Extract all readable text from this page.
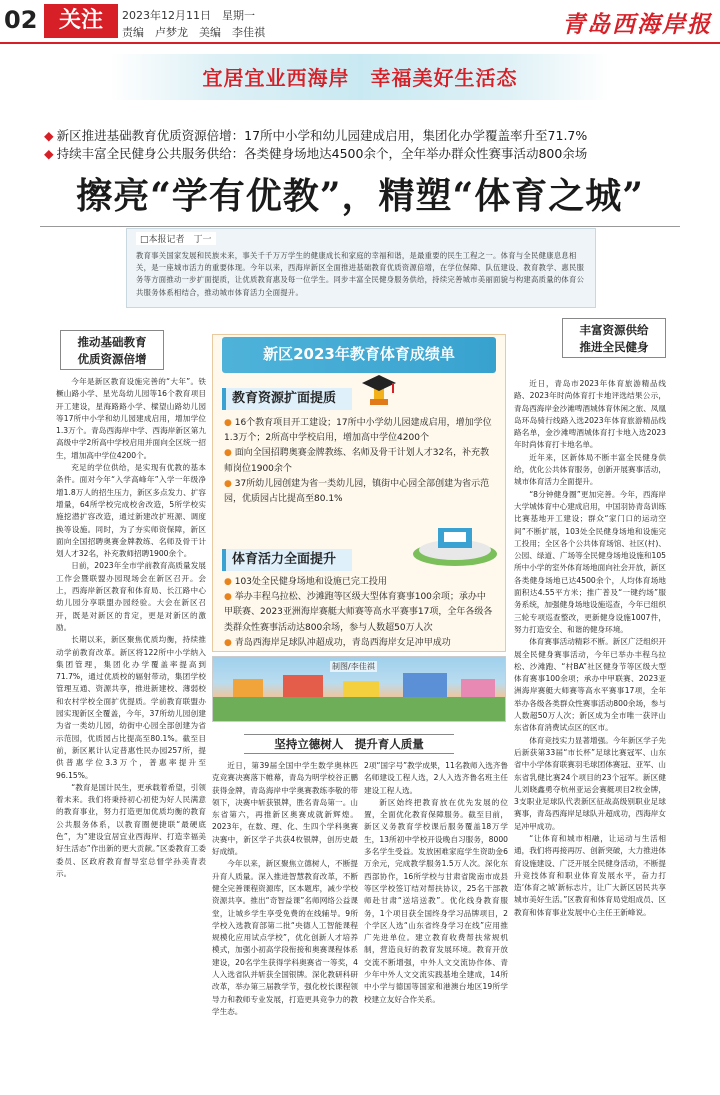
02 关注	2023年12月11日　星期一
责编　卢梦龙　美编　李佳祺	青岛西海岸报
宜居宜业西海岸　幸福美好生活态
◆ 新区推进基础教育优质资源倍增：17所中小学和幼儿园建成启用，集团化办学覆盖率升至71.7%
◆ 持续丰富全民健身公共服务供给：各类健身场地达4500余个，全年举办群众性赛事活动800余场
擦亮“学有优教”，精塑“体育之城”
□本报记者　丁一
教育事关国家发展和民族未来，事关千千万万学生的健康成长和家庭的幸福和谐，是最重要的民生工程之一。体育与全民健康息息相关，是一座城市活力的重要体现。今年以来，西海岸新区全面推进基础教育优质资源倍增，在学位保障、队伍建设、教育教学、惠民服务等方面推动一步扩面提质，让优质教育惠及每一位学生。同步丰富全民健身服务供给，持续完善城市美丽面貌与构建高质量的体育公共服务体系相结合，推动城市体育活力全面提升。
推动基础教育
优质资源倍增

今年是新区教育设施完善的“大年”。铁橛山路小学、星光岛幼儿园等16个教育项目开工建设，星海路路小学、樑望山路幼儿园等17所中小学和幼儿园建成启用，增加学位1.3万个。青岛西海岸中学、西海岸新区第九高级中学2所高中学校启用并面向全区统一招生，增加高中学位4200个。

充足的学位供给，是实现有优教的基本条件。面对今年“入学高峰年”入学一年级净增1.8万人的招生压力，新区多点发力、扩容增量，64所学校完成校舍改造，5所学校实施挖潜扩容改造，通过新建改扩班源、调度换等设施。同时，为了夯实师资保障，新区面向全国招聘奥赛金牌教练、名师及骨干计划人才32名，补充教师招聘1900余个。

日前，2023年全市学前教育高质量发展工作会暨联盟办园现场会在新区召开。会上，西海岸新区教育和体育局、长江路中心幼儿园分享联盟办园经验。大会在新区召开，既是对新区的肯定，更是对新区的激励。

长期以来，新区聚焦优质均衡，持续推动学前教育改革。新区将122所中小学纳入集团管理，集团化办学覆盖率提高到71.7%，通过优质校的辐射带动，集团学校管理互通、资源共享，推进新建校、薄弱校和农村学校全面扩优提质。学前教育联盟办园实现新区全覆盖，今年，37所幼儿园创建为省一类幼儿园，幼街中心园全部创建为省示范园，优质园占比提高至80.1%。截至目前，新区累计认定普惠性民办园257所，提供普惠学位3.3万个，普惠率提升至96.15%。

“教育是国计民生，更承载着希望，引领着未来。我们将秉持初心初使为好人民满意的教育事业，努力打造更加优质均衡的教育公共服务体系，以教育圈便捷联“最硬底色”，为“建设宜居宜业西海岸、打造幸福美好生活态”作出新的更大贡献。”区委教育工委委员、区政府教育督导室总督学孙美青表示。

丰富资源供给
推进全民健身

近日，青岛市2023年体育旅游精品线路、2023年时尚体育打卡地评选结果公示，青岛西海岸金沙滩啤酒城体育休闲之旅、凤凰岛环岛骑行线路入选2023年体育旅游精品线路名单，金沙滩啤酒城体育打卡地入选2023年时尚体育打卡地名单。

近年来，区新体局不断丰富全民健身供给，优化公共体育服务，创新开展赛事活动，城市体育活力全面提升。

“8分钟健身圈”更加完善。今年，西海岸大学城体育中心建成启用，中国羽协青岛训练比赛基地开工建设；群众“家门口的运动空间”不断扩展，103处全民健身场地和设施完工投用；全区各个公共体育场馆、社区(村)、公园、绿道、广场等全民健身场地设施和105所中小学的室外体育场地面向社会开放，新区各类健身场地已达4500余个，人均体育场地面积达4.55平方米；推广普及“一键约场”服务系统，加强健身场地设施巡查，今年已组织三轮专项巡查整改，更新健身设施1007件，努力打造安全、和谐的健身环境。

体育赛事活动精彩不断。新区广泛组织开展全民健身赛事活动，今年已举办丰程乌拉松、沙滩跑、“村BA”社区健身节等区级大型体育赛事100余项；承办中甲联赛、2023亚洲海岸赛艇大师赛等高水平赛事17项，全年举办各级各类群众性赛事活动800余场，参与人数超50万人次；新区成为全市唯一获评山东省体育消费试点区的区市。

体育竞技实力显著增强。今年新区学子先后新获第33届“市长杯”足球比赛冠军、山东省中小学体育联赛羽毛球团体赛冠、亚军、山东省乳健比赛24个项目的23个冠军。新区健儿刘晓鑫勇夺杭州亚运会赛艇项目2枚金牌，3支职业足球队代表新区征战高级别职业足球赛事，青岛西海岸足球队升超成功，西海岸女足冲甲成功。

“让体育和城市相融，让运动与生活相通，我们将再接再厉、创新突破，大力推进体育设施建设、广泛开展全民健身活动，不断提升竞技体育和职业体育发展水平，奋力打造‘体育之城’新标志片，让广大新区居民共享城市美好生活。”区教育和体育局党组成员、区教育和体育事业发展中心主任王新峰说。

新区2023年教育体育成绩单
教育资源扩面提质
● 16个教育项目开工建设；17所中小学幼儿园建成启用，增加学位1.3万个；2所高中学校启用，增加高中学位4200个
● 面向全国招聘奥赛金牌教练、名师及骨干计划人才32名，补充教师岗位1900余个
● 37所幼儿园创建为省一类幼儿园，镇街中心园全部创建为省示范园，优质园占比提高至80.1%
体育活力全面提升
● 103处全民健身场地和设施已完工投用
● 举办丰程乌拉松、沙滩跑等区级大型体育赛事100余项；承办中甲联赛、2023亚洲海岸赛艇大师赛等高水平赛事17项，全年各级各类群众性赛事活动达800余场，参与人数超50万人次
● 青岛西海岸足球队冲超成功，青岛西海岸女足冲甲成功
制图/李佳祺
坚持立德树人　提升育人质量

近日，第39届全国中学生数学奥林匹克竞赛决赛落下帷幕，青岛为明学校谷正鹏获得金牌，青岛海岸中学奥赛教练李敬的带领下，决赛中斩获银牌，胜名青岛第一。山东省第六，再推新区奥赛成就新辉煌。2023年，在数、理、化、生四个学科奥赛决赛中，新区学子共获4枚银牌，创历史最好成绩。

今年以来，新区聚焦立德树人，不断提升育人质量。深入推进智慧教育改革，不断健全完善课程资源库，区本题库，减少学校资源共享。推出“奇智益课”名师网络公益课堂，让城乡学生享受免费的在线辅导。9所学校入选教育部第二批“央德人工智能课程规模化应用试点学校”，优化创新人才培养模式，加强小初高学段衔接和奥赛课程体系建设，20名学生获得学科奥赛省一等奖，4人入选省队并斩获全国银牌。深化教研科研改革，举办第三届教学节，强化校长课程领导力和教师专业发展，打造更具竞争力的教学生态。

2项“国字号”教学成果，11名教师入选齐鲁名师建设工程人选，2人入选齐鲁名班主任建设工程人选。

新区始终把教育放在优先发展的位置，全面优化教育保障服务。截至目前，新区义务教育学校课后服务覆盖18万学生，13所初中学校开设晚自习服务，8000多名学生受益。发放困难家庭学生资助金6万余元，完成教学服务1.5万人次。深化东西部协作，16所学校与甘肃省陇南市成县等区学校签订结对帮扶协议，25名干部教师赴甘肃“送培送教”。优化线身教育服务，1个项目获全国终身学习品牌项目，2个学区人选“山东省终身学习在线”应用推广先进单位。建立教育收费帮扶常规机制，营造良好的教育发展环境。教育开放交流不断增强，中外人文交流协作体、青少年中外人文交流实践基地全建成，14所中小学与德国等国家和港澳台地区19所学校建立友好合作关系。
